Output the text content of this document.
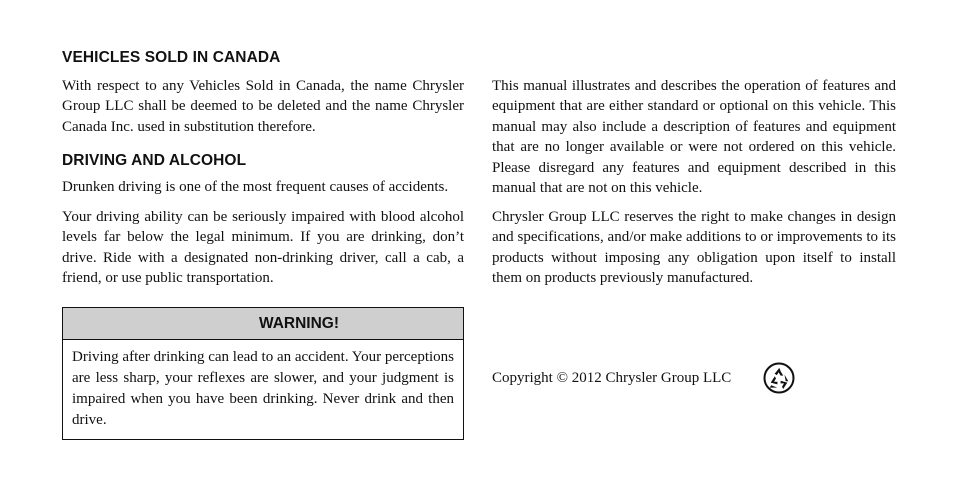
VEHICLES SOLD IN CANADA

With respect to any Vehicles Sold in Canada, the name Chrysler Group LLC shall be deemed to be deleted and the name Chrysler Canada Inc. used in substitution therefore.

DRIVING AND ALCOHOL

Drunken driving is one of the most frequent causes of accidents.

Your driving ability can be seriously impaired with blood alcohol levels far below the legal minimum. If you are drinking, don’t drive. Ride with a designated non-drinking driver, call a cab, a friend, or use public transportation.

WARNING!
Driving after drinking can lead to an accident. Your perceptions are less sharp, your reflexes are slower, and your judgment is impaired when you have been drinking. Never drink and then drive.

This manual illustrates and describes the operation of features and equipment that are either standard or optional on this vehicle. This manual may also include a description of features and equipment that are no longer available or were not ordered on this vehicle. Please disregard any features and equipment described in this manual that are not on this vehicle.

Chrysler Group LLC reserves the right to make changes in design and specifications, and/or make additions to or improvements to its products without imposing any obligation upon itself to install them on products previously manufactured.

Copyright © 2012 Chrysler Group LLC
